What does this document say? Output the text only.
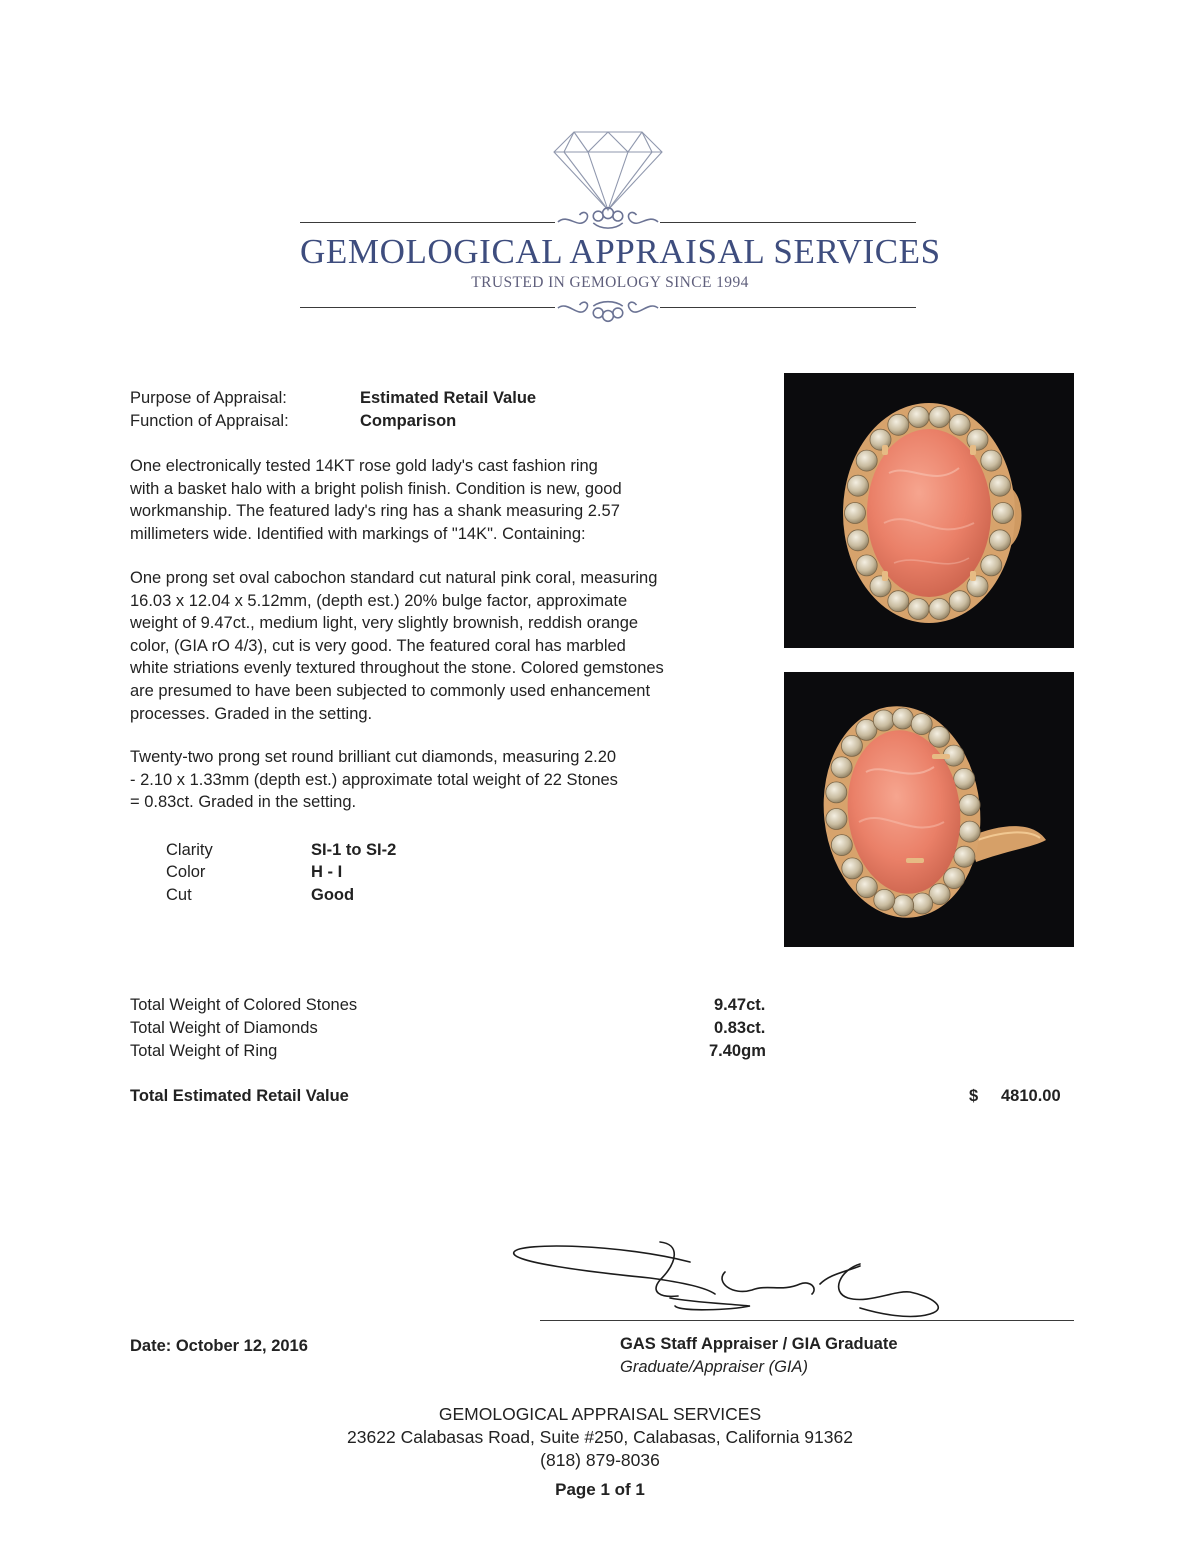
GEMOLOGICAL APPRAISAL SERVICES
TRUSTED IN GEMOLOGY SINCE 1994
Purpose of Appraisal:	Estimated Retail Value
Function of Appraisal:	Comparison
One electronically tested 14KT rose gold lady's cast fashion ring
with a basket halo with a bright polish finish. Condition is new, good
workmanship. The featured lady's ring has a shank measuring 2.57
millimeters wide. Identified with markings of "14K". Containing:
One prong set oval cabochon standard cut natural pink coral, measuring
16.03 x 12.04 x 5.12mm, (depth est.) 20% bulge factor, approximate
weight of 9.47ct., medium light, very slightly brownish, reddish orange
color, (GIA rO 4/3), cut is very good. The featured coral has marbled
white striations evenly textured throughout the stone. Colored gemstones
are presumed to have been subjected to commonly used enhancement
processes. Graded in the setting.
Twenty-two prong set round brilliant cut diamonds, measuring 2.20
- 2.10 x 1.33mm (depth est.) approximate total weight of 22 Stones
= 0.83ct. Graded in the setting.
Clarity	SI-1 to SI-2
Color	H - I
Cut	Good
Total Weight of Colored Stones	9.47ct.
Total Weight of Diamonds	0.83ct.
Total Weight of Ring	7.40gm
Total Estimated Retail Value	$ 4810.00
Date: October 12, 2016	GAS Staff Appraiser / GIA Graduate
Graduate/Appraiser (GIA)
GEMOLOGICAL APPRAISAL SERVICES
23622 Calabasas Road, Suite #250, Calabasas, California 91362
(818) 879-8036
Page 1 of 1
